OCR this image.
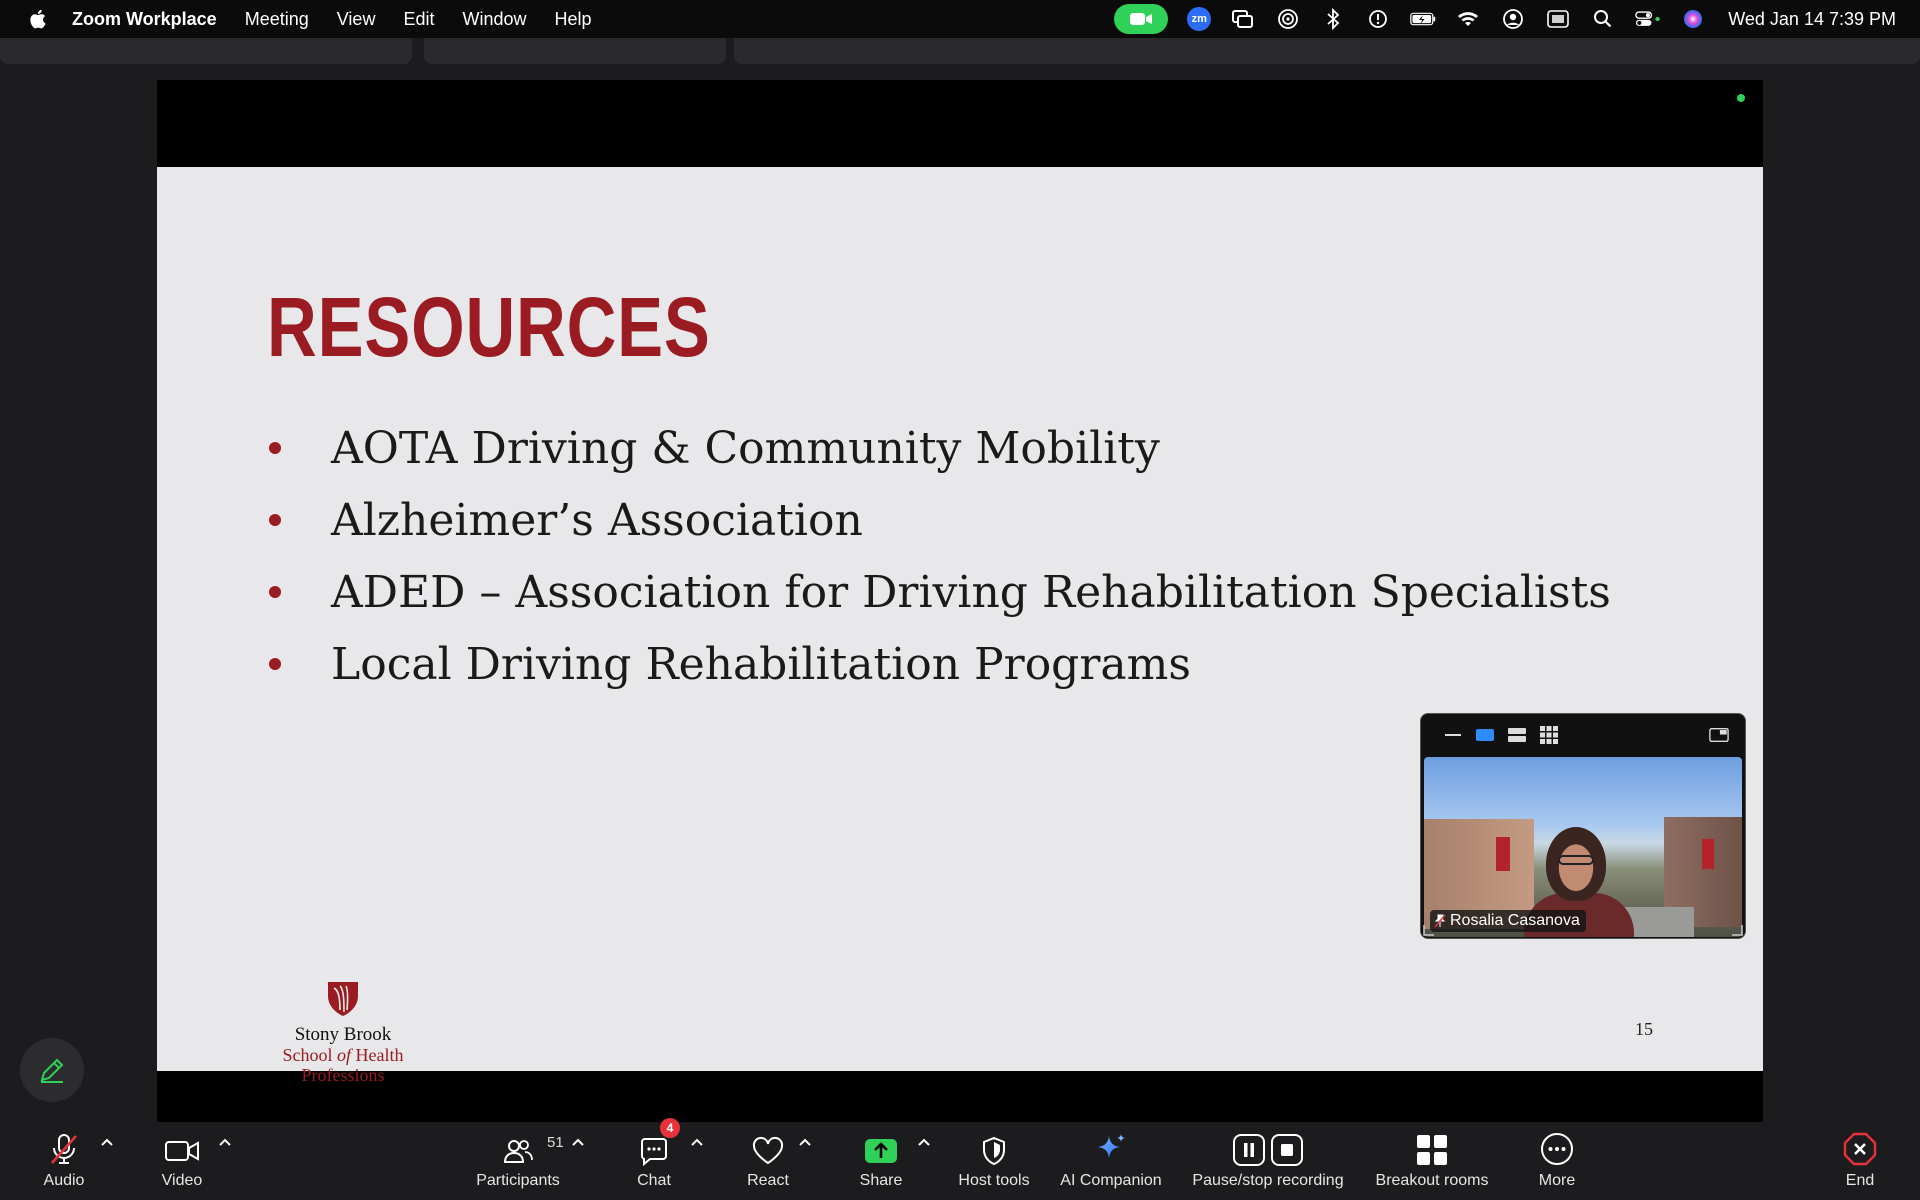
Zoom Workplace Meeting View Edit Window Help	zm	Wed Jan 14 7:39 PM
RESOURCES
AOTA Driving & Community Mobility
Alzheimer’s Association
ADED – Association for Driving Rehabilitation Specialists
Local Driving Rehabilitation Programs
Stony Brook
School of Health Professions
15
Rosalia Casanova
Audio	Video
51
Participants
4
Chat	React	Share	Host tools AI Companion Pause/stop recording Breakout rooms	More	End
